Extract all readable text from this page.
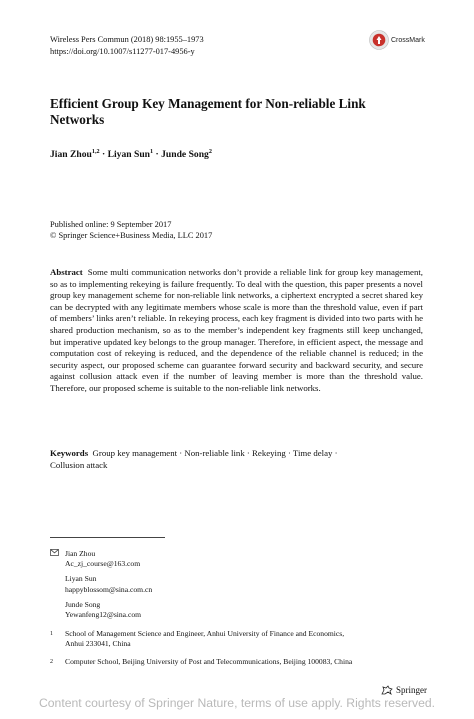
Wireless Pers Commun (2018) 98:1955–1973
https://doi.org/10.1007/s11277-017-4956-y
CrossMark
Efficient Group Key Management for Non-reliable Link
Networks
Jian Zhou$^{1,2}$ · Liyan Sun$^1$ · Junde Song$^2$
Published online: 9 September 2017
© Springer Science+Business Media, LLC 2017
Abstract Some multi communication networks don’t provide a reliable link for group key management, so as to implementing rekeying is failure frequently. To deal with the question, this paper presents a novel group key management scheme for non-reliable link networks, a ciphertext encrypted a secret shared key can be decrypted with any legitimate members whose scale is more than the threshold value, even if part of members’ links aren’t reliable. In rekeying process, each key fragment is divided into two parts with he shared production mechanism, so as to the member’s independent key fragments still keep unchanged, but imperative updated key belongs to the group manager. Therefore, in efficient aspect, the message and computation cost of rekeying is reduced, and the dependence of the reliable channel is reduced; in the security aspect, our proposed scheme can guarantee forward security and backward security, and secure against collusion attack even if the number of leaving member is more than the threshold value. Therefore, our proposed scheme is suitable to the non-reliable link networks.
Keywords Group key management · Non-reliable link · Rekeying · Time delay · Collusion attack
Jian Zhou
Ac_zj_course@163.com
Liyan Sun
happyblossom@sina.com.cn
Junde Song
Yewanfeng12@sina.com
1 School of Management Science and Engineer, Anhui University of Finance and Economics,
Anhui 233041, China
2 Computer School, Beijing University of Post and Telecommunications, Beijing 100083, China
Springer
Content courtesy of Springer Nature, terms of use apply. Rights reserved.
